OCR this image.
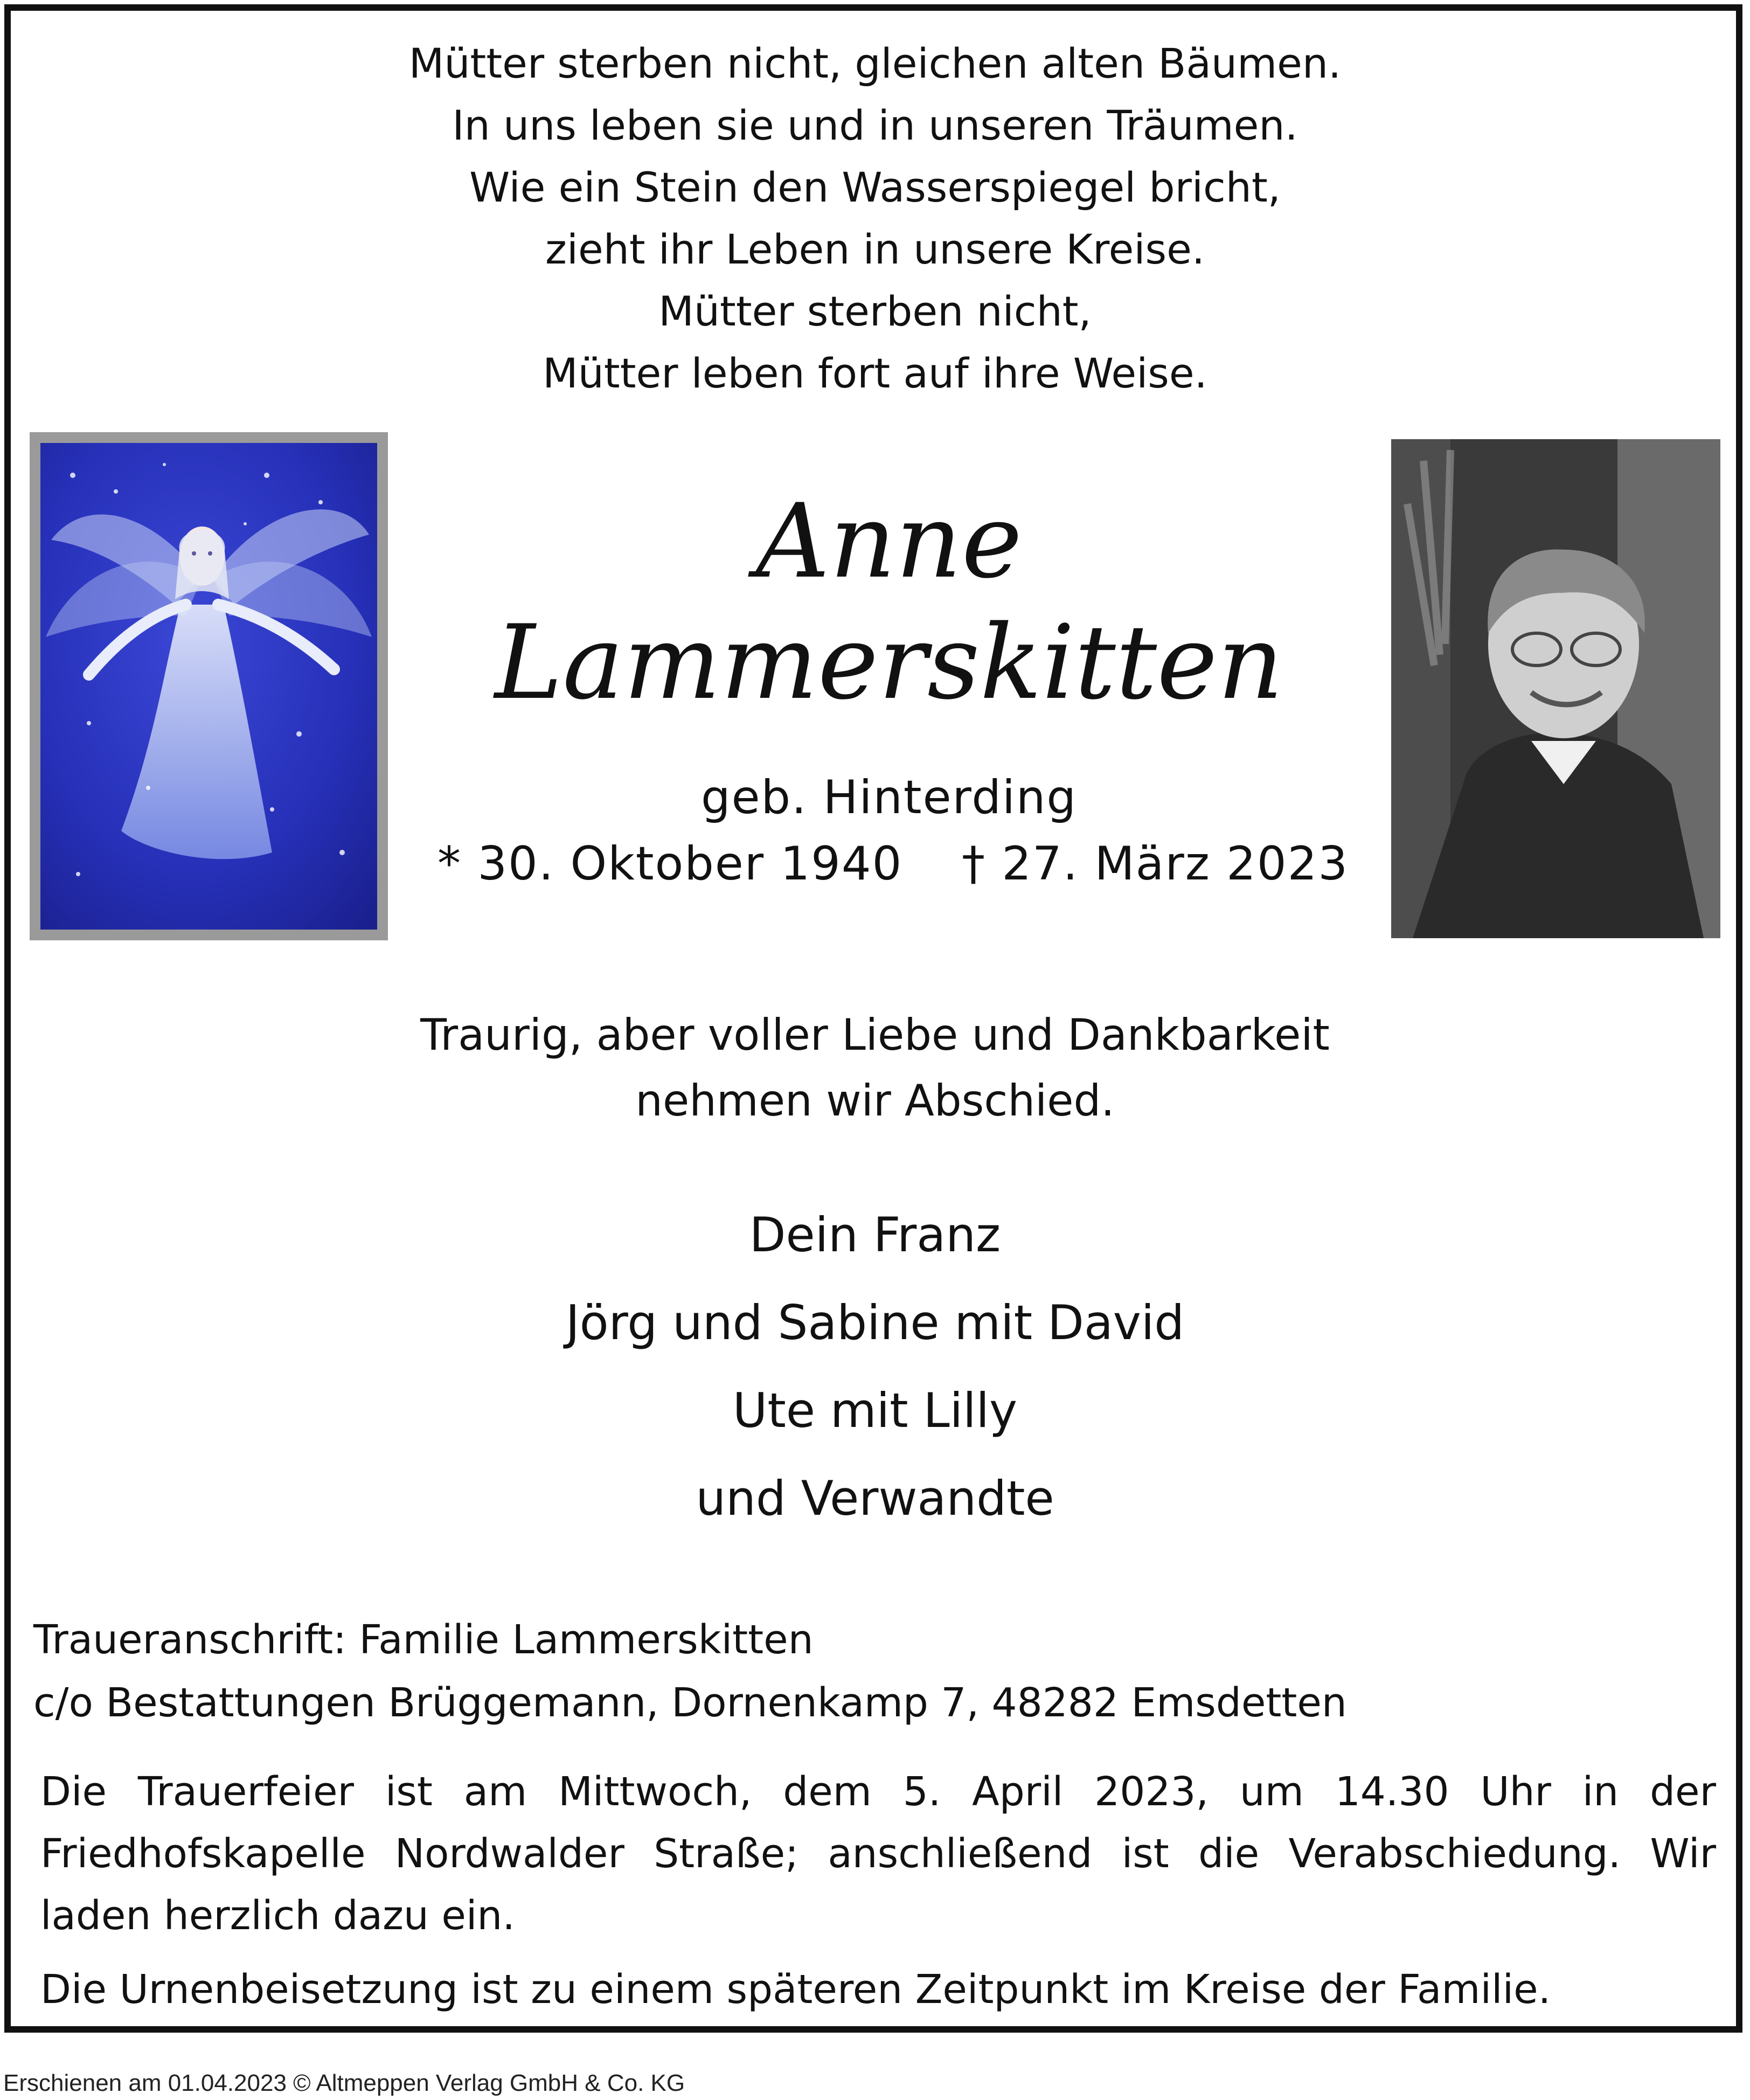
Mütter sterben nicht, gleichen alten Bäumen.
In uns leben sie und in unseren Träumen.
Wie ein Stein den Wasserspiegel bricht,
zieht ihr Leben in unsere Kreise.
Mütter sterben nicht,
Mütter leben fort auf ihre Weise.
Anne
Lammerskitten
geb. Hinterding
* 30. Oktober 1940 † 27. März 2023
Traurig, aber voller Liebe und Dankbarkeit
nehmen wir Abschied.
Dein Franz
Jörg und Sabine mit David
Ute mit Lilly
und Verwandte
Traueranschrift: Familie Lammerskitten
c/o Bestattungen Brüggemann, Dornenkamp 7, 48282 Emsdetten
Die Trauerfeier ist am Mittwoch, dem 5. April 2023, um 14.30 Uhr in der Friedhofskapelle Nordwalder Straße; anschließend ist die Verabschiedung. Wir laden herzlich dazu ein.
Die Urnenbeisetzung ist zu einem späteren Zeitpunkt im Kreise der Familie.
Erschienen am 01.04.2023 © Altmeppen Verlag GmbH & Co. KG
